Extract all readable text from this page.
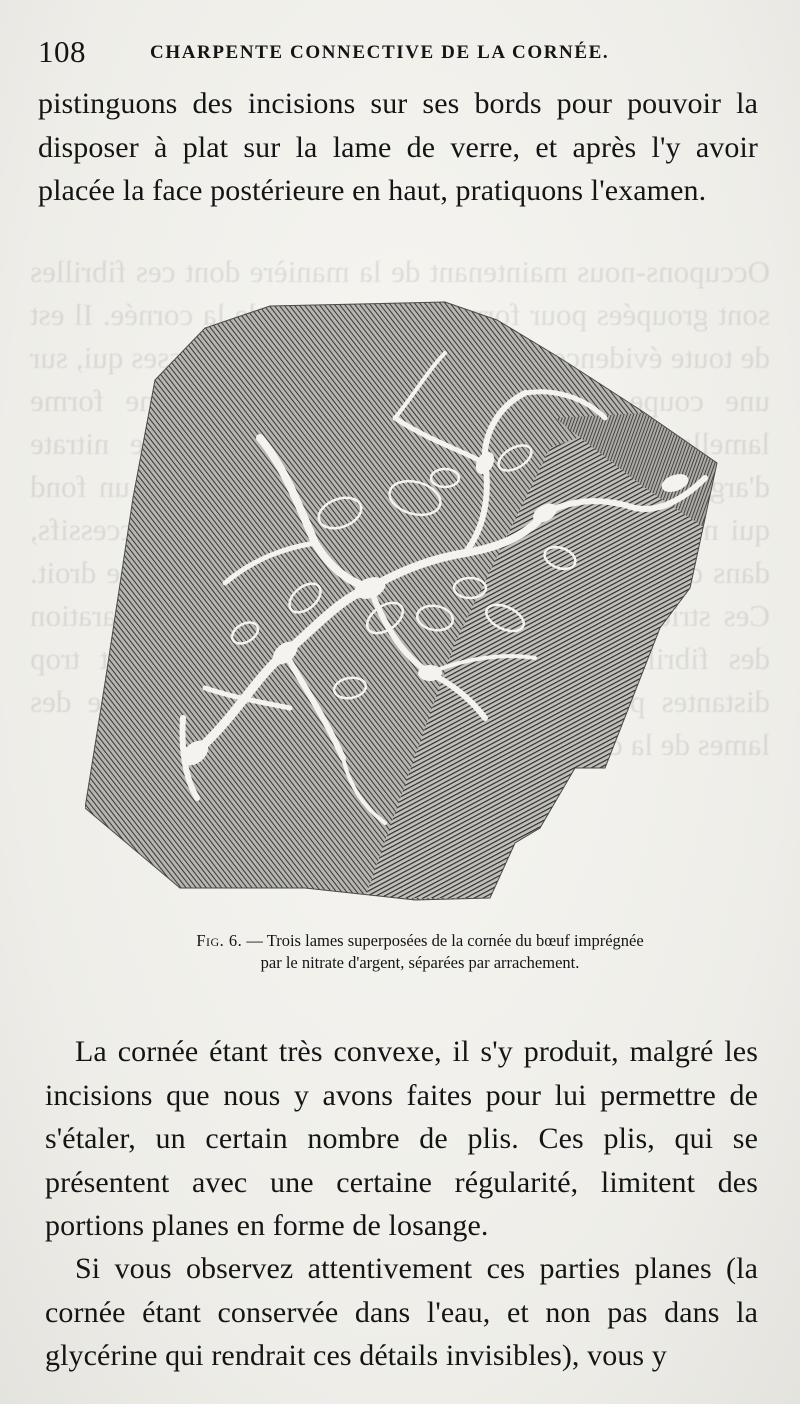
Occupons-nous maintenant de la manière dont ces fibrilles sont groupées pour la cornée. Il est de toute évidence masses qui, sur une coupe une forme lamellaire. le nitrate d'argent un fond qui successifs, dans droit. Ces stries séparation des fibrilles trop distantes des lames de la
108	CHARPENTE CONNECTIVE DE LA CORNÉE.

pistinguons des incisions sur ses bords pour pouvoir la disposer à plat sur la lame de verre, et après l'y avoir placée la face postérieure en haut, pratiquons l'examen.

Fig. 6. — Trois lames superposées de la cornée du bœuf imprégnée
par le nitrate d'argent, séparées par arrachement.

La cornée étant très convexe, il s'y produit, malgré les incisions que nous y avons faites pour lui permettre de s'étaler, un certain nombre de plis. Ces plis, qui se présentent avec une certaine régularité, limitent des portions planes en forme de losange.

Si vous observez attentivement ces parties planes (la cornée étant conservée dans l'eau, et non pas dans la glycérine qui rendrait ces détails invisibles), vous y
